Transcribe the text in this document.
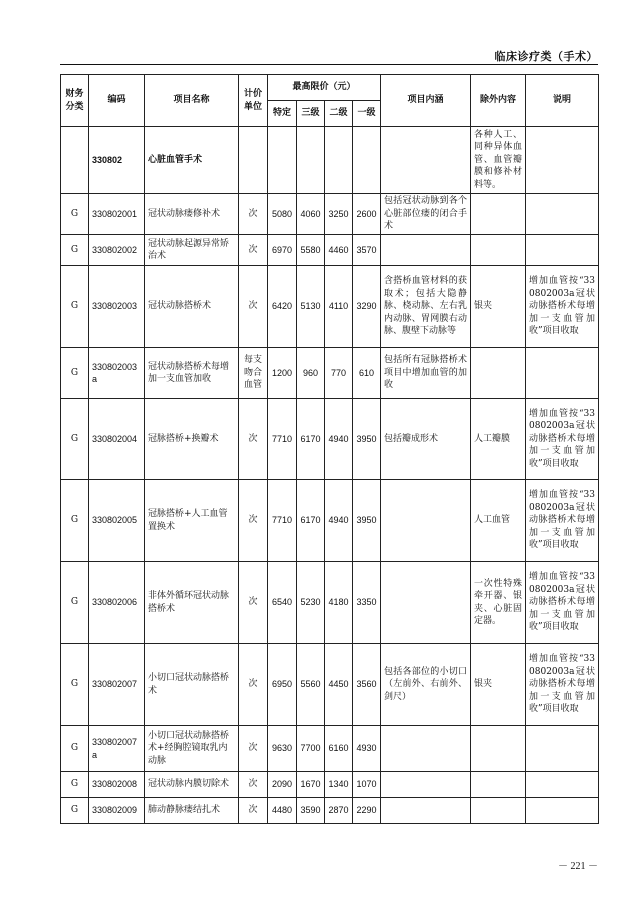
临床诊疗类（手术）
财务分类	编码	项目名称	计价单位	最高限价（元）				项目内涵	除外内容	说明
				特定	三级	二级	一级			
	330802	心脏血管手术							各种人工、同种异体血管、血管瓣膜和修补材料等。	
G	330802001	冠状动脉瘘修补术	次	5080	4060	3250	2600	包括冠状动脉到各个心脏部位瘘的闭合手术		
G	330802002	冠状动脉起源异常矫治术	次	6970	5580	4460	3570			
G	330802003	冠状动脉搭桥术	次	6420	5130	4110	3290	含搭桥血管材料的获取术；包括大隐静脉、桡动脉、左右乳内动脉、胃网膜右动脉、腹壁下动脉等	银夹	增加血管按“330802003a冠状动脉搭桥术每增加一支血管加收”项目收取
G	330802003a	冠状动脉搭桥术每增加一支血管加收	每支吻合血管	1200	960	770	610	包括所有冠脉搭桥术项目中增加血管的加收		
G	330802004	冠脉搭桥+换瓣术	次	7710	6170	4940	3950	包括瓣成形术	人工瓣膜	增加血管按“330802003a冠状动脉搭桥术每增加一支血管加收”项目收取
G	330802005	冠脉搭桥+人工血管置换术	次	7710	6170	4940	3950		人工血管	增加血管按“330802003a冠状动脉搭桥术每增加一支血管加收”项目收取
G	330802006	非体外循环冠状动脉搭桥术	次	6540	5230	4180	3350		一次性特殊牵开器、银夹、心脏固定器。	增加血管按“330802003a冠状动脉搭桥术每增加一支血管加收”项目收取
G	330802007	小切口冠状动脉搭桥术	次	6950	5560	4450	3560	包括各部位的小切口（左前外、右前外、剑尺）	银夹	增加血管按“330802003a冠状动脉搭桥术每增加一支血管加收”项目收取
G	330802007a	小切口冠状动脉搭桥术+经胸腔镜取乳内动脉	次	9630	7700	6160	4930			
G	330802008	冠状动脉内膜切除术	次	2090	1670	1340	1070			
G	330802009	肺动静脉瘘结扎术	次	4480	3590	2870	2290			
－ 221 －
